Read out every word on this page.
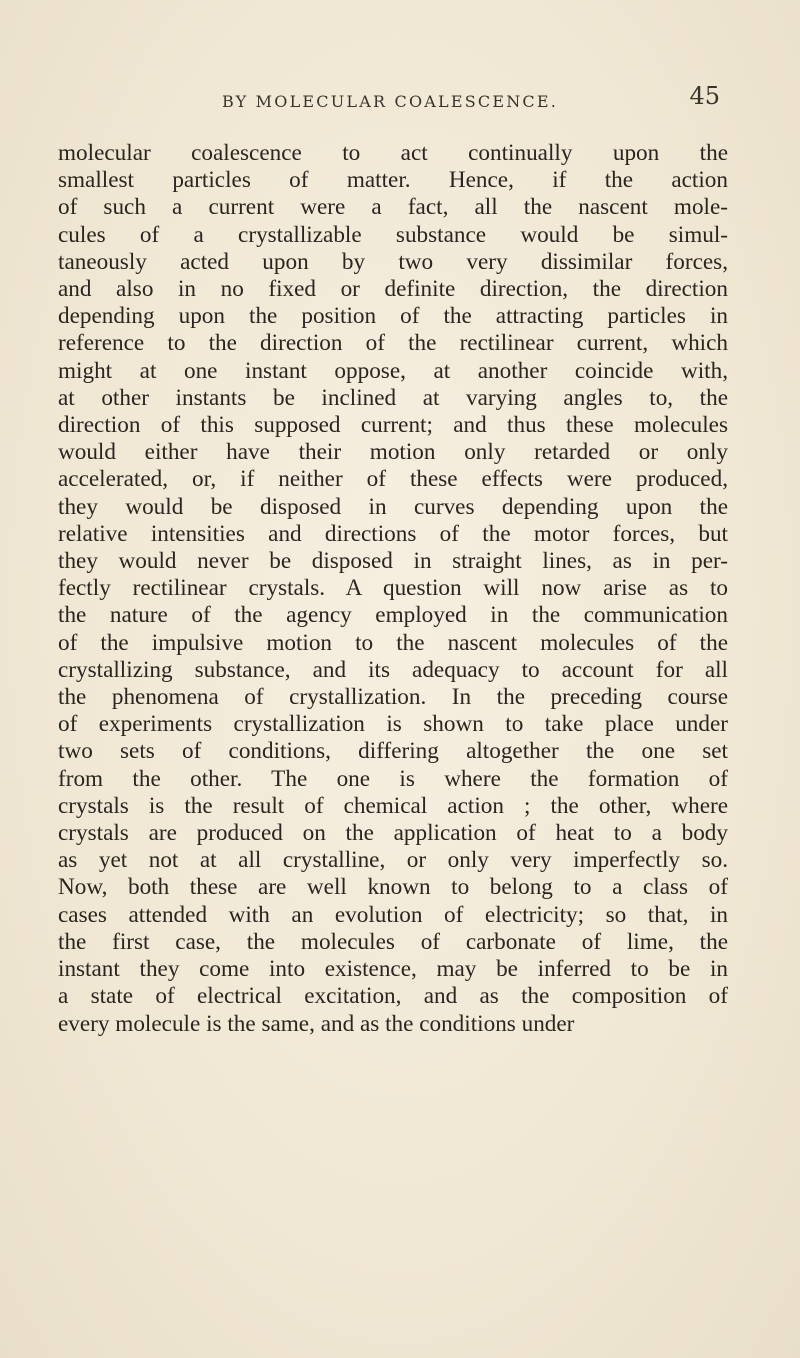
BY MOLECULAR COALESCENCE.	45
molecular coalescence to act continually upon the
smallest particles of matter. Hence, if the action
of such a current were a fact, all the nascent mole-
cules of a crystallizable substance would be simul-
taneously acted upon by two very dissimilar forces,
and also in no fixed or definite direction, the direction
depending upon the position of the attracting particles in
reference to the direction of the rectilinear current, which
might at one instant oppose, at another coincide with,
at other instants be inclined at varying angles to, the
direction of this supposed current; and thus these molecules
would either have their motion only retarded or only
accelerated, or, if neither of these effects were produced,
they would be disposed in curves depending upon the
relative intensities and directions of the motor forces, but
they would never be disposed in straight lines, as in per-
fectly rectilinear crystals. A question will now arise as to
the nature of the agency employed in the communication
of the impulsive motion to the nascent molecules of the
crystallizing substance, and its adequacy to account for all
the phenomena of crystallization. In the preceding course
of experiments crystallization is shown to take place under
two sets of conditions, differing altogether the one set
from the other. The one is where the formation of
crystals is the result of chemical action ; the other, where
crystals are produced on the application of heat to a body
as yet not at all crystalline, or only very imperfectly so.
Now, both these are well known to belong to a class of
cases attended with an evolution of electricity; so that, in
the first case, the molecules of carbonate of lime, the
instant they come into existence, may be inferred to be in
a state of electrical excitation, and as the composition of
every molecule is the same, and as the conditions under
